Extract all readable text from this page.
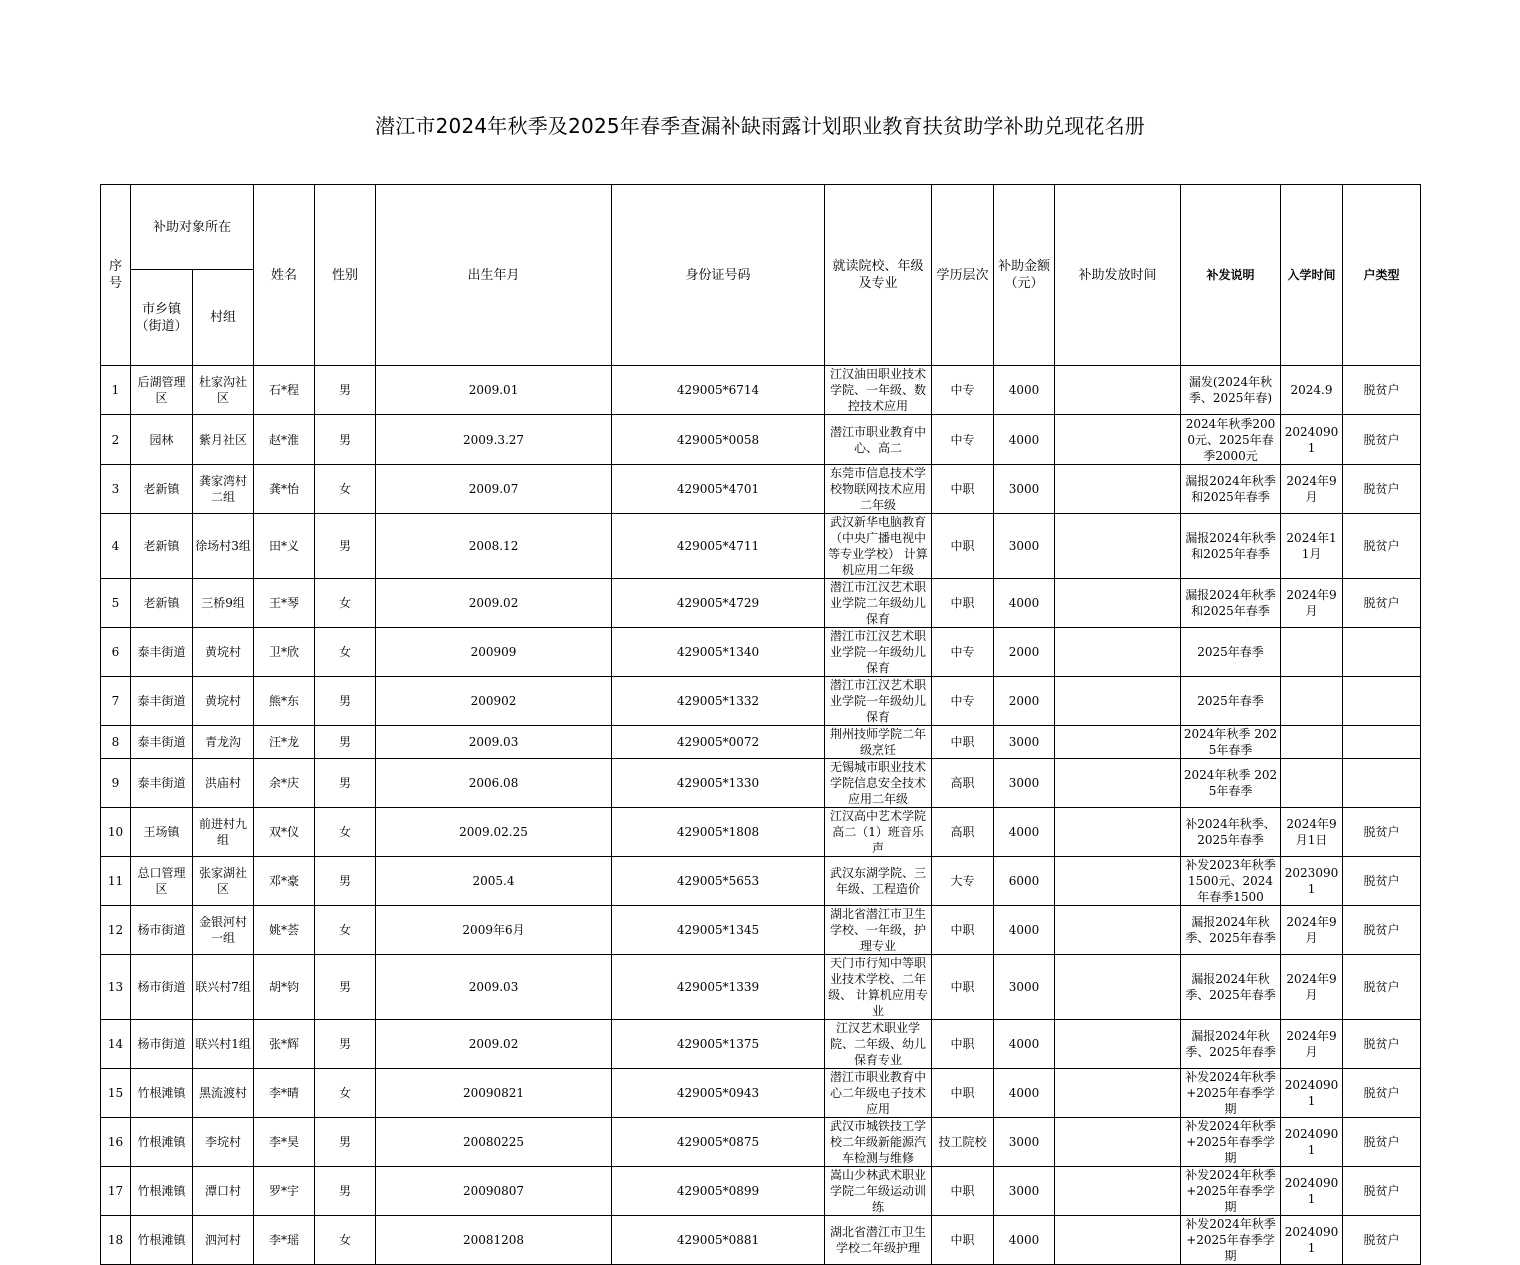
潜江市2024年秋季及2025年春季查漏补缺雨露计划职业教育扶贫助学补助兑现花名册
序号	补助对象所在		姓名	性别	出生年月	身份证号码	就读院校、年级及专业	学历层次	补助金额（元）	补助发放时间	补发说明	入学时间	户类型	
	市乡镇（街道）	村组												
1	后湖管理区	杜家沟社区	石*程	男	2009.01	429005*6714	江汉油田职业技术学院、一年级、数控技术应用	中专	4000		漏发(2024年秋季、2025年春)	2024.9	脱贫户	
2	园林	紫月社区	赵*淮	男	2009.3.27	429005*0058	潜江市职业教育中心、高二	中专	4000		2024年秋季2000元、2025年春季2000元	20240901	脱贫户	
3	老新镇	龚家湾村二组	龚*怡	女	2009.07	429005*4701	东莞市信息技术学校物联网技术应用二年级	中职	3000		漏报2024年秋季和2025年春季	2024年9月	脱贫户	
4	老新镇	徐场村3组	田*义	男	2008.12	429005*4711	武汉新华电脑教育（中央广播电视中等专业学校） 计算机应用二年级	中职	3000		漏报2024年秋季和2025年春季	2024年11月	脱贫户	
5	老新镇	三桥9组	王*琴	女	2009.02	429005*4729	潜江市江汉艺术职业学院二年级幼儿保育	中职	4000		漏报2024年秋季和2025年春季	2024年9月	脱贫户	
6	泰丰街道	黄垸村	卫*欣	女	200909	429005*1340	潜江市江汉艺术职业学院一年级幼儿保育	中专	2000		2025年春季			
7	泰丰街道	黄垸村	熊*东	男	200902	429005*1332	潜江市江汉艺术职业学院一年级幼儿保育	中专	2000		2025年春季			
8	泰丰街道	青龙沟	汪*龙	男	2009.03	429005*0072	荆州技师学院二年级烹饪	中职	3000		2024年秋季 2025年春季			
9	泰丰街道	洪庙村	余*庆	男	2006.08	429005*1330	无锡城市职业技术学院信息安全技术应用二年级	高职	3000		2024年秋季 2025年春季			
10	王场镇	前进村九组	双*仪	女	2009.02.25	429005*1808	江汉高中艺术学院高二（1）班音乐声	高职	4000		补2024年秋季、2025年春季	2024年9月1日	脱贫户	
11	总口管理区	张家湖社区	邓*豪	男	2005.4	429005*5653	武汉东湖学院、三年级、工程造价	大专	6000		补发2023年秋季1500元、2024年春季1500	20230901	脱贫户	
12	杨市街道	金银河村一组	姚*荟	女	2009年6月	429005*1345	湖北省潜江市卫生学校、一年级，护理专业	中职	4000		漏报2024年秋季、2025年春季	2024年9月	脱贫户	
13	杨市街道	联兴村7组	胡*钧	男	2009.03	429005*1339	天门市行知中等职业技术学校、二年级、 计算机应用专业	中职	3000		漏报2024年秋季、2025年春季	2024年9月	脱贫户	
14	杨市街道	联兴村1组	张*辉	男	2009.02	429005*1375	江汉艺术职业学院、二年级、幼儿保育专业	中职	4000		漏报2024年秋季、2025年春季	2024年9月	脱贫户	
15	竹根滩镇	黑流渡村	李*晴	女	20090821	429005*0943	潜江市职业教育中心二年级电子技术应用	中职	4000		补发2024年秋季+2025年春季学期	20240901	脱贫户	
16	竹根滩镇	李垸村	李*昊	男	20080225	429005*0875	武汉市城铁技工学校二年级新能源汽车检测与维修	技工院校	3000		补发2024年秋季+2025年春季学期	20240901	脱贫户	
17	竹根滩镇	潭口村	罗*宇	男	20090807	429005*0899	嵩山少林武术职业学院二年级运动训练	中职	3000		补发2024年秋季+2025年春季学期	20240901	脱贫户	
18	竹根滩镇	泗河村	李*瑶	女	20081208	429005*0881	湖北省潜江市卫生学校二年级护理	中职	4000		补发2024年秋季+2025年春季学期	20240901	脱贫户	
